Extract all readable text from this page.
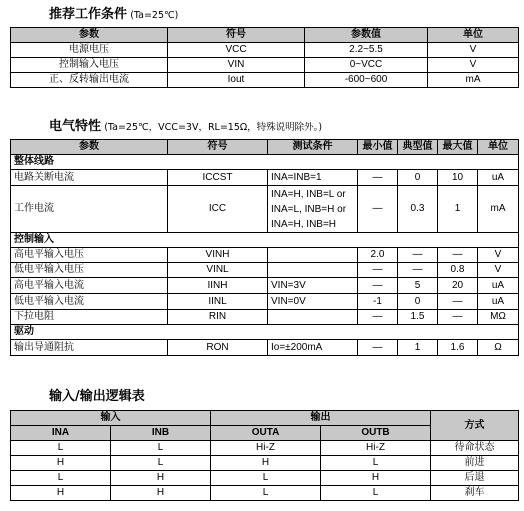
推荐工作条件 (Ta=25℃)
参数	符号	参数值	单位
电源电压	VCC	2.2~5.5	V
控制输入电压	VIN	0~VCC	V
正、反转输出电流	Iout	-600~600	mA
电气特性 (Ta=25℃，VCC=3V，RL=15Ω，特殊说明除外。)
参数	符号	测试条件	最小值	典型值	最大值	单位
整体线路						
电路关断电流	ICCST	INA=INB=1	—	0	10	uA
工作电流	ICC	INA=H, INB=L or INA=L, INB=H or INA=H, INB=H	—	0.3	1	mA
控制输入						
高电平输入电压	VINH		2.0	—	—	V
低电平输入电压	VINL		—	—	0.8	V
高电平输入电流	IINH	VIN=3V	—	5	20	uA
低电平输入电流	IINL	VIN=0V	-1	0	—	uA
下拉电阻	RIN		—	1.5	—	MΩ
驱动						
输出导通阻抗	RON	Io=±200mA	—	1	1.6	Ω
输入/输出逻辑表
输入		输出		方式
INA	INB	OUTA	OUTB	
L	L	Hi-Z	Hi-Z	待命状态
H	L	H	L	前进
L	H	L	H	后退
H	H	L	L	刹车
